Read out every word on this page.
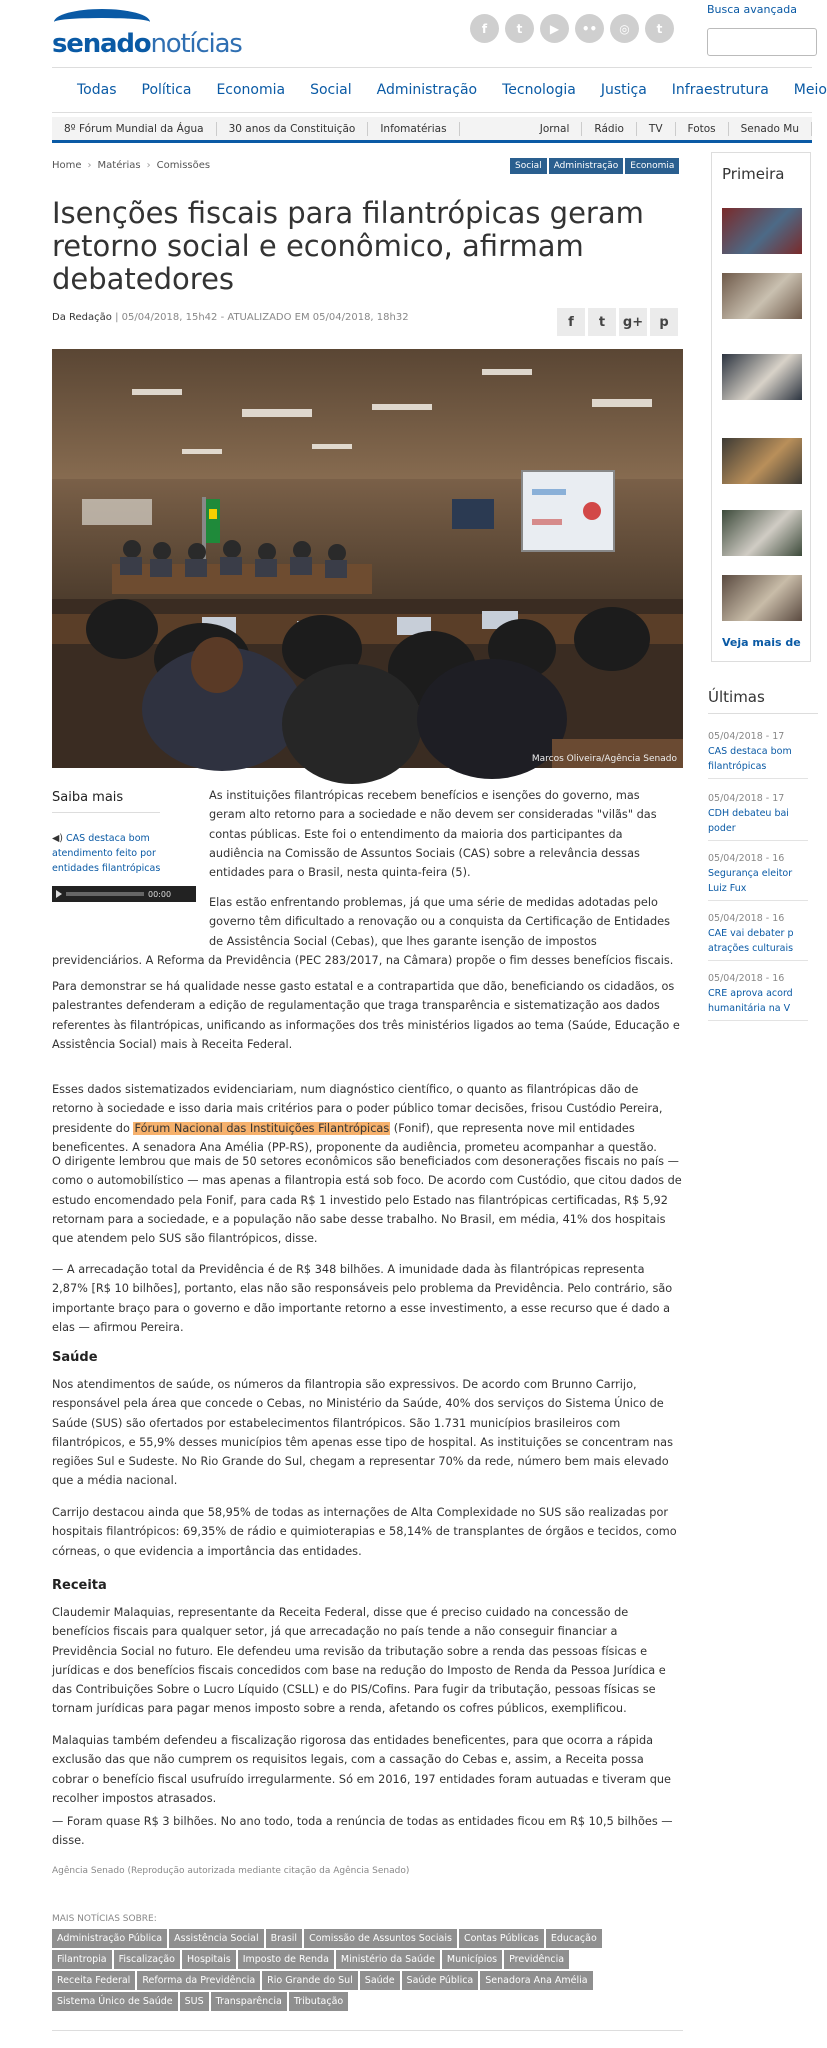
senadonotícias
f	t	▶	••	◎	t
Busca avançada
Todas Política Economia Social Administração Tecnologia Justiça Infraestrutura Meio
8º Fórum Mundial da Água	30 anos da Constituição	Infomatérias	Jornal	Rádio	TV	Fotos	Senado Mu
Home › Matérias › Comissões	Social	Administração	Economia
Isenções fiscais para filantrópicas geram retorno social e econômico, afirmam debatedores
Da Redação | 05/04/2018, 15h42 - ATUALIZADO EM 05/04/2018, 18h32	f	t	g+	p
Marcos Oliveira/Agência Senado
Saiba mais
◀) CAS destaca bom atendimento feito por entidades filantrópicas
00:00

As instituições filantrópicas recebem benefícios e isenções do governo, mas geram alto retorno para a sociedade e não devem ser consideradas "vilãs" das contas públicas. Este foi o entendimento da maioria dos participantes da audiência na Comissão de Assuntos Sociais (CAS) sobre a relevância dessas entidades para o Brasil, nesta quinta-feira (5).

Elas estão enfrentando problemas, já que uma série de medidas adotadas pelo governo têm dificultado a renovação ou a conquista da Certificação de Entidades de Assistência Social (Cebas), que lhes garante isenção de impostos

previdenciários. A Reforma da Previdência (PEC 283/2017, na Câmara) propõe o fim desses benefícios fiscais.

Para demonstrar se há qualidade nesse gasto estatal e a contrapartida que dão, beneficiando os cidadãos, os palestrantes defenderam a edição de regulamentação que traga transparência e sistematização aos dados referentes às filantrópicas, unificando as informações dos três ministérios ligados ao tema (Saúde, Educação e Assistência Social) mais à Receita Federal.

Esses dados sistematizados evidenciariam, num diagnóstico científico, o quanto as filantrópicas dão de retorno à sociedade e isso daria mais critérios para o poder público tomar decisões, frisou Custódio Pereira, presidente do Fórum Nacional das Instituições Filantrópicas (Fonif), que representa nove mil entidades beneficentes. A senadora Ana Amélia (PP-RS), proponente da audiência, prometeu acompanhar a questão.

O dirigente lembrou que mais de 50 setores econômicos são beneficiados com desonerações fiscais no país — como o automobilístico — mas apenas a filantropia está sob foco. De acordo com Custódio, que citou dados de estudo encomendado pela Fonif, para cada R$ 1 investido pelo Estado nas filantrópicas certificadas, R$ 5,92 retornam para a sociedade, e a população não sabe desse trabalho. No Brasil, em média, 41% dos hospitais que atendem pelo SUS são filantrópicos, disse.

— A arrecadação total da Previdência é de R$ 348 bilhões. A imunidade dada às filantrópicas representa 2,87% [R$ 10 bilhões], portanto, elas não são responsáveis pelo problema da Previdência. Pelo contrário, são importante braço para o governo e dão importante retorno a esse investimento, a esse recurso que é dado a elas — afirmou Pereira.

Saúde

Nos atendimentos de saúde, os números da filantropia são expressivos. De acordo com Brunno Carrijo, responsável pela área que concede o Cebas, no Ministério da Saúde, 40% dos serviços do Sistema Único de Saúde (SUS) são ofertados por estabelecimentos filantrópicos. São 1.731 municípios brasileiros com filantrópicos, e 55,9% desses municípios têm apenas esse tipo de hospital. As instituições se concentram nas regiões Sul e Sudeste. No Rio Grande do Sul, chegam a representar 70% da rede, número bem mais elevado que a média nacional.

Carrijo destacou ainda que 58,95% de todas as internações de Alta Complexidade no SUS são realizadas por hospitais filantrópicos: 69,35% de rádio e quimioterapias e 58,14% de transplantes de órgãos e tecidos, como córneas, o que evidencia a importância das entidades.

Receita

Claudemir Malaquias, representante da Receita Federal, disse que é preciso cuidado na concessão de benefícios fiscais para qualquer setor, já que arrecadação no país tende a não conseguir financiar a Previdência Social no futuro. Ele defendeu uma revisão da tributação sobre a renda das pessoas físicas e jurídicas e dos benefícios fiscais concedidos com base na redução do Imposto de Renda da Pessoa Jurídica e das Contribuições Sobre o Lucro Líquido (CSLL) e do PIS/Cofins. Para fugir da tributação, pessoas físicas se tornam jurídicas para pagar menos imposto sobre a renda, afetando os cofres públicos, exemplificou.

Malaquias também defendeu a fiscalização rigorosa das entidades beneficentes, para que ocorra a rápida exclusão das que não cumprem os requisitos legais, com a cassação do Cebas e, assim, a Receita possa cobrar o benefício fiscal usufruído irregularmente. Só em 2016, 197 entidades foram autuadas e tiveram que recolher impostos atrasados.

— Foram quase R$ 3 bilhões. No ano todo, toda a renúncia de todas as entidades ficou em R$ 10,5 bilhões — disse.

Agência Senado (Reprodução autorizada mediante citação da Agência Senado)
MAIS NOTÍCIAS SOBRE:
Administração Pública	Assistência Social	Brasil	Comissão de Assuntos Sociais	Contas Públicas	Educação
Filantropia	Fiscalização	Hospitais	Imposto de Renda	Ministério da Saúde	Municípios	Previdência
Receita Federal	Reforma da Previdência	Rio Grande do Sul	Saúde	Saúde Pública	Senadora Ana Amélia
Sistema Único de Saúde	SUS	Transparência	Tributação
Primeira
Veja mais de
Últimas
05/04/2018 - 17
CAS destaca bom
filantrópicas
05/04/2018 - 17
CDH debateu bai
poder
05/04/2018 - 16
Segurança eleitor
Luiz Fux
05/04/2018 - 16
CAE vai debater p
atrações culturais
05/04/2018 - 16
CRE aprova acord
humanitária na V
